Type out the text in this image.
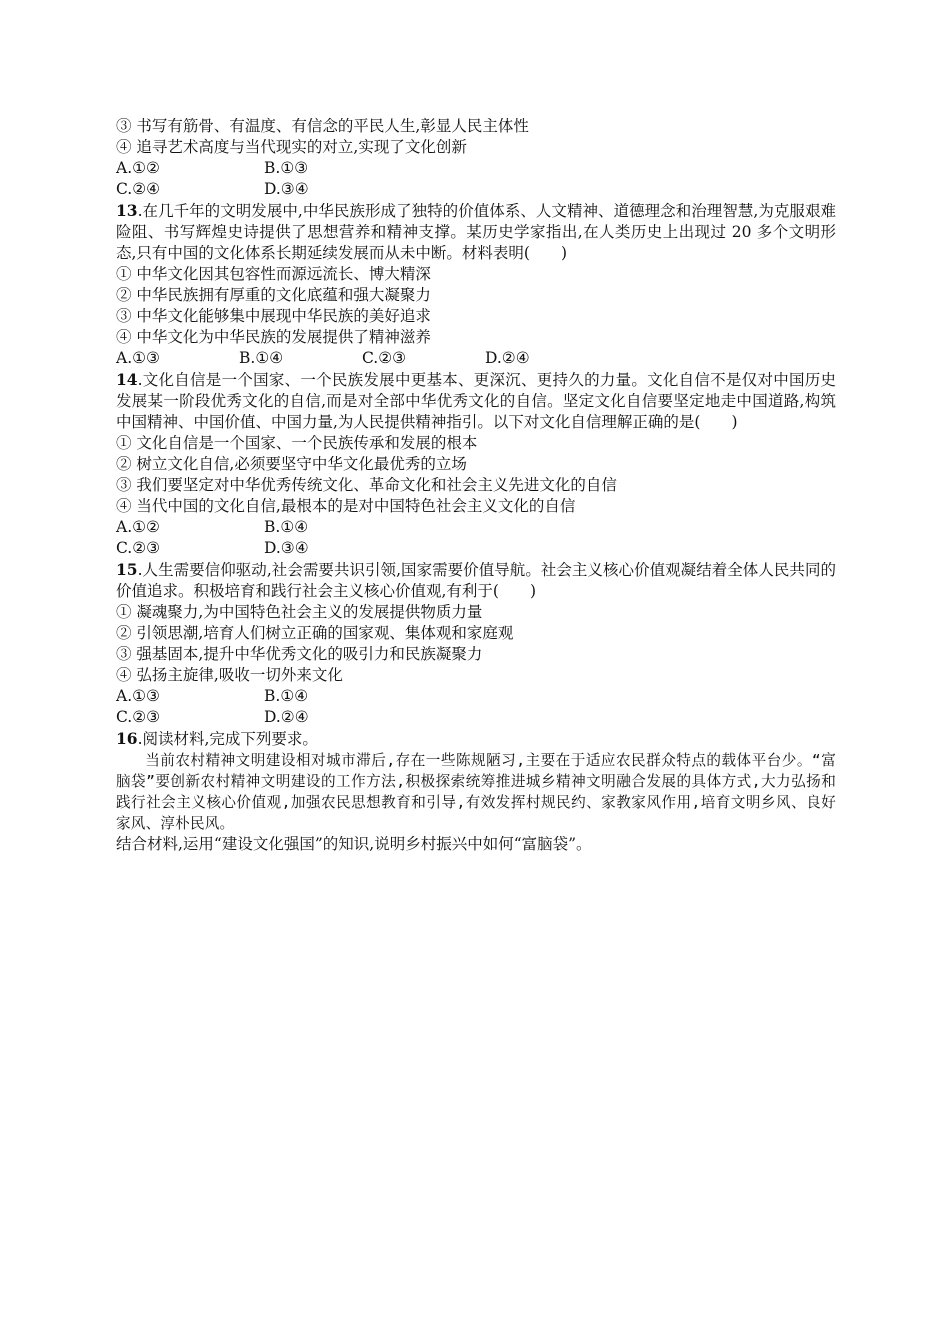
③ 书写有筋骨、有温度、有信念的平民人生,彰显人民主体性
④ 追寻艺术高度与当代现实的对立,实现了文化创新
A.①②	B.①③
C.②④	D.③④
13.在几千年的文明发展中,中华民族形成了独特的价值体系、人文精神、道德理念和治理智慧,为克服艰难险阻、书写辉煌史诗提供了思想营养和精神支撑。某历史学家指出,在人类历史上出现过 20 多个文明形态,只有中国的文化体系长期延续发展而从未中断。材料表明(　　)
① 中华文化因其包容性而源远流长、博大精深
② 中华民族拥有厚重的文化底蕴和强大凝聚力
③ 中华文化能够集中展现中华民族的美好追求
④ 中华文化为中华民族的发展提供了精神滋养
A.①③	B.①④	C.②③	D.②④
14.文化自信是一个国家、一个民族发展中更基本、更深沉、更持久的力量。文化自信不是仅对中国历史发展某一阶段优秀文化的自信,而是对全部中华优秀文化的自信。坚定文化自信要坚定地走中国道路,构筑中国精神、中国价值、中国力量,为人民提供精神指引。以下对文化自信理解正确的是(　　)
① 文化自信是一个国家、一个民族传承和发展的根本
② 树立文化自信,必须要坚守中华文化最优秀的立场
③ 我们要坚定对中华优秀传统文化、革命文化和社会主义先进文化的自信
④ 当代中国的文化自信,最根本的是对中国特色社会主义文化的自信
A.①②	B.①④
C.②③	D.③④
15.人生需要信仰驱动,社会需要共识引领,国家需要价值导航。社会主义核心价值观凝结着全体人民共同的价值追求。积极培育和践行社会主义核心价值观,有利于(　　)
① 凝魂聚力,为中国特色社会主义的发展提供物质力量
② 引领思潮,培育人们树立正确的国家观、集体观和家庭观
③ 强基固本,提升中华优秀文化的吸引力和民族凝聚力
④ 弘扬主旋律,吸收一切外来文化
A.①③	B.①④
C.②③	D.②④
16.阅读材料,完成下列要求。
当前农村精神文明建设相对城市滞后,存在一些陈规陋习,主要在于适应农民群众特点的载体平台少。“富脑袋”要创新农村精神文明建设的工作方法,积极探索统筹推进城乡精神文明融合发展的具体方式,大力弘扬和践行社会主义核心价值观,加强农民思想教育和引导,有效发挥村规民约、家教家风作用,培育文明乡风、良好家风、淳朴民风。
结合材料,运用“建设文化强国”的知识,说明乡村振兴中如何“富脑袋”。
